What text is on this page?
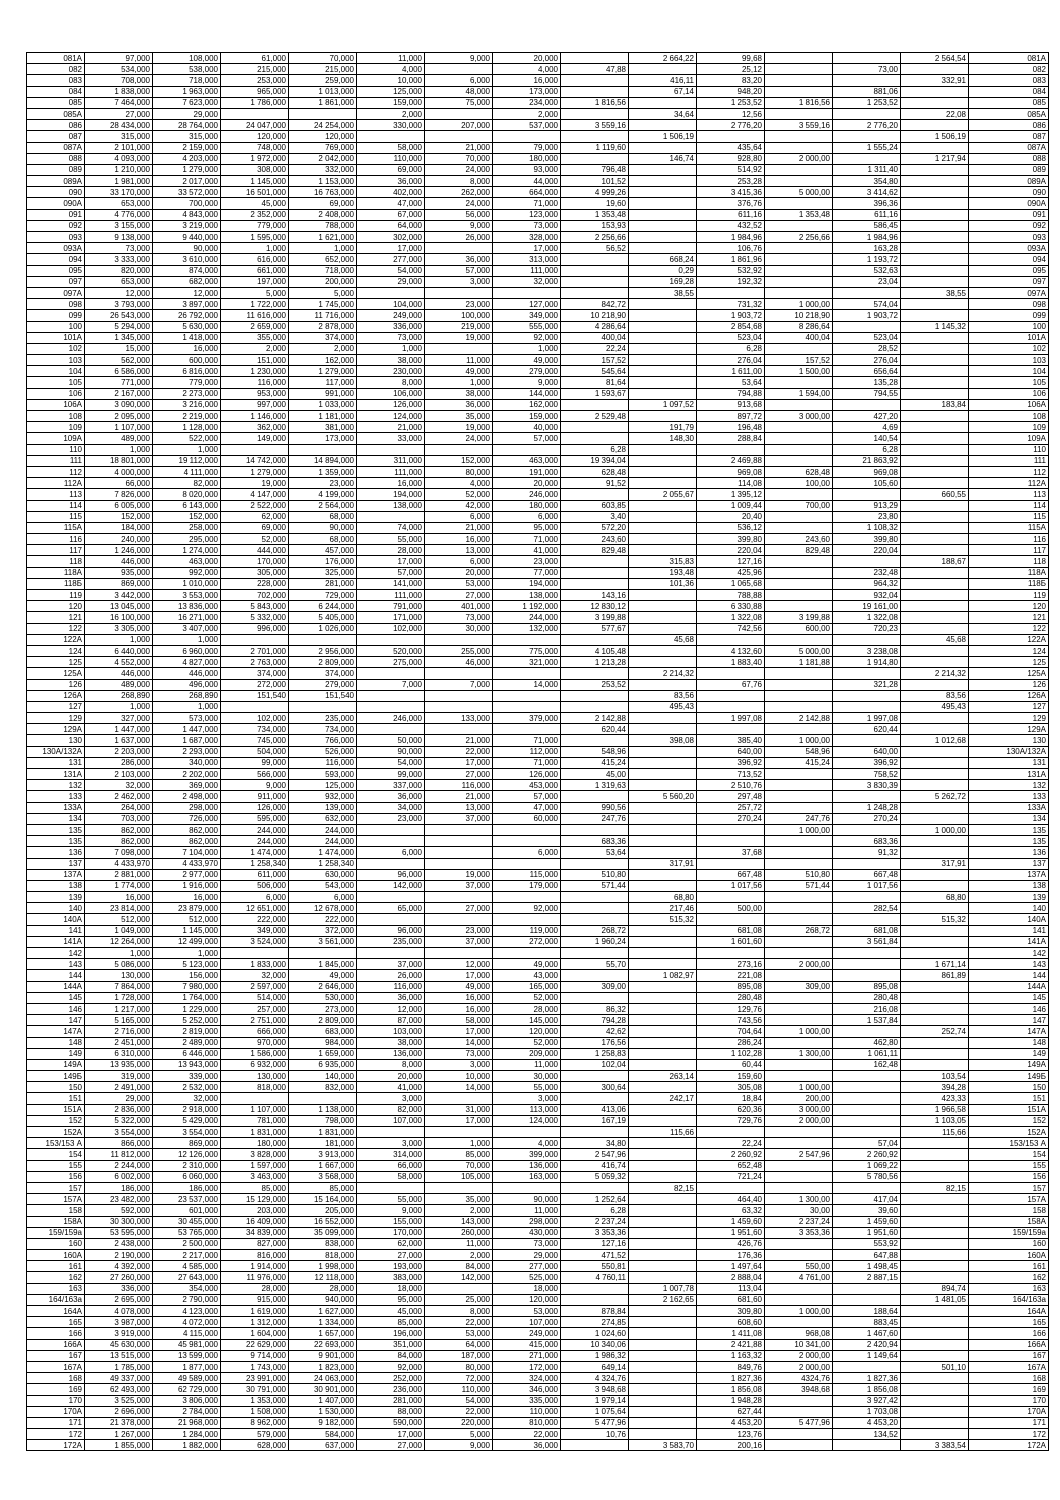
081А	97,000	108,000	61,000	70,000	11,000	9,000	20,000		2 664,22	99,68			2 564,54	081А
082	534,000	538,000	215,000	215,000	4,000		4,000	47,88		25,12		73,00		082
083	708,000	718,000	253,000	259,000	10,000	6,000	16,000		416,11	83,20			332,91	083
084	1 838,000	1 963,000	965,000	1 013,000	125,000	48,000	173,000		67,14	948,20		881,06		084
085	7 464,000	7 623,000	1 786,000	1 861,000	159,000	75,000	234,000	1 816,56		1 253,52	1 816,56	1 253,52		085
085А	27,000	29,000			2,000		2,000		34,64	12,56			22,08	085А
086	28 434,000	28 764,000	24 047,000	24 254,000	330,000	207,000	537,000	3 559,16		2 776,20	3 559,16	2 776,20		086
087	315,000	315,000	120,000	120,000					1 506,19				1 506,19	087
087А	2 101,000	2 159,000	748,000	769,000	58,000	21,000	79,000	1 119,60		435,64		1 555,24		087А
088	4 093,000	4 203,000	1 972,000	2 042,000	110,000	70,000	180,000		146,74	928,80	2 000,00		1 217,94	088
089	1 210,000	1 279,000	308,000	332,000	69,000	24,000	93,000	796,48		514,92		1 311,40		089
089А	1 981,000	2 017,000	1 145,000	1 153,000	36,000	8,000	44,000	101,52		253,28		354,80		089А
090	33 170,000	33 572,000	16 501,000	16 763,000	402,000	262,000	664,000	4 999,26		3 415,36	5 000,00	3 414,62		090
090А	653,000	700,000	45,000	69,000	47,000	24,000	71,000	19,60		376,76		396,36		090А
091	4 776,000	4 843,000	2 352,000	2 408,000	67,000	56,000	123,000	1 353,48		611,16	1 353,48	611,16		091
092	3 155,000	3 219,000	779,000	788,000	64,000	9,000	73,000	153,93		432,52		586,45		092
093	9 138,000	9 440,000	1 595,000	1 621,000	302,000	26,000	328,000	2 256,66		1 984,96	2 256,66	1 984,96		093
093А	73,000	90,000	1,000	1,000	17,000		17,000	56,52		106,76		163,28		093А
094	3 333,000	3 610,000	616,000	652,000	277,000	36,000	313,000		668,24	1 861,96		1 193,72		094
095	820,000	874,000	661,000	718,000	54,000	57,000	111,000		0,29	532,92		532,63		095
097	653,000	682,000	197,000	200,000	29,000	3,000	32,000		169,28	192,32		23,04		097
097А	12,000	12,000	5,000	5,000					38,55				38,55	097А
098	3 793,000	3 897,000	1 722,000	1 745,000	104,000	23,000	127,000	842,72		731,32	1 000,00	574,04		098
099	26 543,000	26 792,000	11 616,000	11 716,000	249,000	100,000	349,000	10 218,90		1 903,72	10 218,90	1 903,72		099
100	5 294,000	5 630,000	2 659,000	2 878,000	336,000	219,000	555,000	4 286,64		2 854,68	8 286,64		1 145,32	100
101А	1 345,000	1 418,000	355,000	374,000	73,000	19,000	92,000	400,04		523,04	400,04	523,04		101А
102	15,000	16,000	2,000	2,000	1,000		1,000	22,24		6,28		28,52		102
103	562,000	600,000	151,000	162,000	38,000	11,000	49,000	157,52		276,04	157,52	276,04		103
104	6 586,000	6 816,000	1 230,000	1 279,000	230,000	49,000	279,000	545,64		1 611,00	1 500,00	656,64		104
105	771,000	779,000	116,000	117,000	8,000	1,000	9,000	81,64		53,64		135,28		105
106	2 167,000	2 273,000	953,000	991,000	106,000	38,000	144,000	1 593,67		794,88	1 594,00	794,55		106
106А	3 090,000	3 216,000	997,000	1 033,000	126,000	36,000	162,000		1 097,52	913,68			183,84	106А
108	2 095,000	2 219,000	1 146,000	1 181,000	124,000	35,000	159,000	2 529,48		897,72	3 000,00	427,20		108
109	1 107,000	1 128,000	362,000	381,000	21,000	19,000	40,000		191,79	196,48		4,69		109
109А	489,000	522,000	149,000	173,000	33,000	24,000	57,000		148,30	288,84		140,54		109А
110	1,000	1,000						6,28				6,28		110
111	18 801,000	19 112,000	14 742,000	14 894,000	311,000	152,000	463,000	19 394,04		2 469,88		21 863,92		111
112	4 000,000	4 111,000	1 279,000	1 359,000	111,000	80,000	191,000	628,48		969,08	628,48	969,08		112
112А	66,000	82,000	19,000	23,000	16,000	4,000	20,000	91,52		114,08	100,00	105,60		112А
113	7 826,000	8 020,000	4 147,000	4 199,000	194,000	52,000	246,000		2 055,67	1 395,12			660,55	113
114	6 005,000	6 143,000	2 522,000	2 564,000	138,000	42,000	180,000	603,85		1 009,44	700,00	913,29		114
115	152,000	152,000	62,000	68,000		6,000	6,000	3,40		20,40		23,80		115
115А	184,000	258,000	69,000	90,000	74,000	21,000	95,000	572,20		536,12		1 108,32		115А
116	240,000	295,000	52,000	68,000	55,000	16,000	71,000	243,60		399,80	243,60	399,80		116
117	1 246,000	1 274,000	444,000	457,000	28,000	13,000	41,000	829,48		220,04	829,48	220,04		117
118	446,000	463,000	170,000	176,000	17,000	6,000	23,000		315,83	127,16			188,67	118
118А	935,000	992,000	305,000	325,000	57,000	20,000	77,000		193,48	425,96		232,48		118А
118Б	869,000	1 010,000	228,000	281,000	141,000	53,000	194,000		101,36	1 065,68		964,32		118Б
119	3 442,000	3 553,000	702,000	729,000	111,000	27,000	138,000	143,16		788,88		932,04		119
120	13 045,000	13 836,000	5 843,000	6 244,000	791,000	401,000	1 192,000	12 830,12		6 330,88		19 161,00		120
121	16 100,000	16 271,000	5 332,000	5 405,000	171,000	73,000	244,000	3 199,88		1 322,08	3 199,88	1 322,08		121
122	3 305,000	3 407,000	996,000	1 026,000	102,000	30,000	132,000	577,67		742,56	600,00	720,23		122
122А	1,000	1,000							45,68				45,68	122А
124	6 440,000	6 960,000	2 701,000	2 956,000	520,000	255,000	775,000	4 105,48		4 132,60	5 000,00	3 238,08		124
125	4 552,000	4 827,000	2 763,000	2 809,000	275,000	46,000	321,000	1 213,28		1 883,40	1 181,88	1 914,80		125
125А	446,000	446,000	374,000	374,000					2 214,32				2 214,32	125А
126	489,000	496,000	272,000	279,000	7,000	7,000	14,000	253,52		67,76		321,28		126
126А	268,890	268,890	151,540	151,540					83,56				83,56	126А
127	1,000	1,000							495,43				495,43	127
129	327,000	573,000	102,000	235,000	246,000	133,000	379,000	2 142,88		1 997,08	2 142,88	1 997,08		129
129А	1 447,000	1 447,000	734,000	734,000				620,44				620,44		129А
130	1 637,000	1 687,000	745,000	766,000	50,000	21,000	71,000		398,08	385,40	1 000,00		1 012,68	130
130А/132А	2 203,000	2 293,000	504,000	526,000	90,000	22,000	112,000	548,96		640,00	548,96	640,00		130А/132А
131	286,000	340,000	99,000	116,000	54,000	17,000	71,000	415,24		396,92	415,24	396,92		131
131А	2 103,000	2 202,000	566,000	593,000	99,000	27,000	126,000	45,00		713,52		758,52		131А
132	32,000	369,000	9,000	125,000	337,000	116,000	453,000	1 319,63		2 510,76		3 830,39		132
133	2 462,000	2 498,000	911,000	932,000	36,000	21,000	57,000		5 560,20	297,48			5 262,72	133
133А	264,000	298,000	126,000	139,000	34,000	13,000	47,000	990,56		257,72		1 248,28		133А
134	703,000	726,000	595,000	632,000	23,000	37,000	60,000	247,76		270,24	247,76	270,24		134
135	862,000	862,000	244,000	244,000							1 000,00		1 000,00	135
135	862,000	862,000	244,000	244,000				683,36				683,36		135
136	7 098,000	7 104,000	1 474,000	1 474,000	6,000		6,000	53,64		37,68		91,32		136
137	4 433,970	4 433,970	1 258,340	1 258,340					317,91				317,91	137
137А	2 881,000	2 977,000	611,000	630,000	96,000	19,000	115,000	510,80		667,48	510,80	667,48		137А
138	1 774,000	1 916,000	506,000	543,000	142,000	37,000	179,000	571,44		1 017,56	571,44	1 017,56		138
139	16,000	16,000	6,000	6,000					68,80				68,80	139
140	23 814,000	23 879,000	12 651,000	12 678,000	65,000	27,000	92,000		217,46	500,00		282,54		140
140А	512,000	512,000	222,000	222,000					515,32				515,32	140А
141	1 049,000	1 145,000	349,000	372,000	96,000	23,000	119,000	268,72		681,08	268,72	681,08		141
141А	12 264,000	12 499,000	3 524,000	3 561,000	235,000	37,000	272,000	1 960,24		1 601,60		3 561,84		141А
142	1,000	1,000												142
143	5 086,000	5 123,000	1 833,000	1 845,000	37,000	12,000	49,000	55,70		273,16	2 000,00		1 671,14	143
144	130,000	156,000	32,000	49,000	26,000	17,000	43,000		1 082,97	221,08			861,89	144
144А	7 864,000	7 980,000	2 597,000	2 646,000	116,000	49,000	165,000	309,00		895,08	309,00	895,08		144А
145	1 728,000	1 764,000	514,000	530,000	36,000	16,000	52,000			280,48		280,48		145
146	1 217,000	1 229,000	257,000	273,000	12,000	16,000	28,000	86,32		129,76		216,08		146
147	5 165,000	5 252,000	2 751,000	2 809,000	87,000	58,000	145,000	794,28		743,56		1 537,84		147
147А	2 716,000	2 819,000	666,000	683,000	103,000	17,000	120,000	42,62		704,64	1 000,00		252,74	147А
148	2 451,000	2 489,000	970,000	984,000	38,000	14,000	52,000	176,56		286,24		462,80		148
149	6 310,000	6 446,000	1 586,000	1 659,000	136,000	73,000	209,000	1 258,83		1 102,28	1 300,00	1 061,11		149
149А	13 935,000	13 943,000	6 932,000	6 935,000	8,000	3,000	11,000	102,04		60,44		162,48		149А
149Б	319,000	339,000	130,000	140,000	20,000	10,000	30,000		263,14	159,60			103,54	149Б
150	2 491,000	2 532,000	818,000	832,000	41,000	14,000	55,000	300,64		305,08	1 000,00		394,28	150
151	29,000	32,000			3,000		3,000		242,17	18,84	200,00		423,33	151
151А	2 836,000	2 918,000	1 107,000	1 138,000	82,000	31,000	113,000	413,06		620,36	3 000,00		1 966,58	151А
152	5 322,000	5 429,000	781,000	798,000	107,000	17,000	124,000	167,19		729,76	2 000,00		1 103,05	152
152А	3 554,000	3 554,000	1 831,000	1 831,000					115,66				115,66	152А
153/153 А	866,000	869,000	180,000	181,000	3,000	1,000	4,000	34,80		22,24		57,04		153/153 А
154	11 812,000	12 126,000	3 828,000	3 913,000	314,000	85,000	399,000	2 547,96		2 260,92	2 547,96	2 260,92		154
155	2 244,000	2 310,000	1 597,000	1 667,000	66,000	70,000	136,000	416,74		652,48		1 069,22		155
156	6 002,000	6 060,000	3 463,000	3 568,000	58,000	105,000	163,000	5 059,32		721,24		5 780,56		156
157	186,000	186,000	85,000	85,000					82,15				82,15	157
157А	23 482,000	23 537,000	15 129,000	15 164,000	55,000	35,000	90,000	1 252,64		464,40	1 300,00	417,04		157А
158	592,000	601,000	203,000	205,000	9,000	2,000	11,000	6,28		63,32	30,00	39,60		158
158А	30 300,000	30 455,000	16 409,000	16 552,000	155,000	143,000	298,000	2 237,24		1 459,60	2 237,24	1 459,60		158А
159/159а	53 595,000	53 765,000	34 839,000	35 099,000	170,000	260,000	430,000	3 353,36		1 951,60	3 353,36	1 951,60		159/159а
160	2 438,000	2 500,000	827,000	838,000	62,000	11,000	73,000	127,16		426,76		553,92		160
160А	2 190,000	2 217,000	816,000	818,000	27,000	2,000	29,000	471,52		176,36		647,88		160А
161	4 392,000	4 585,000	1 914,000	1 998,000	193,000	84,000	277,000	550,81		1 497,64	550,00	1 498,45		161
162	27 260,000	27 643,000	11 976,000	12 118,000	383,000	142,000	525,000	4 760,11		2 888,04	4 761,00	2 887,15		162
163	336,000	354,000	28,000	28,000	18,000		18,000		1 007,78	113,04			894,74	163
164/163а	2 695,000	2 790,000	915,000	940,000	95,000	25,000	120,000		2 162,65	681,60			1 481,05	164/163а
164А	4 078,000	4 123,000	1 619,000	1 627,000	45,000	8,000	53,000	878,84		309,80	1 000,00	188,64		164А
165	3 987,000	4 072,000	1 312,000	1 334,000	85,000	22,000	107,000	274,85		608,60		883,45		165
166	3 919,000	4 115,000	1 604,000	1 657,000	196,000	53,000	249,000	1 024,60		1 411,08	968,08	1 467,60		166
166А	45 630,000	45 981,000	22 629,000	22 693,000	351,000	64,000	415,000	10 340,06		2 421,88	10 341,00	2 420,94		166А
167	13 515,000	13 599,000	9 714,000	9 901,000	84,000	187,000	271,000	1 986,32		1 163,32	2 000,00	1 149,64		167
167А	1 785,000	1 877,000	1 743,000	1 823,000	92,000	80,000	172,000	649,14		849,76	2 000,00		501,10	167А
168	49 337,000	49 589,000	23 991,000	24 063,000	252,000	72,000	324,000	4 324,76		1 827,36	4324,76	1 827,36		168
169	62 493,000	62 729,000	30 791,000	30 901,000	236,000	110,000	346,000	3 948,68		1 856,08	3948,68	1 856,08		169
170	3 525,000	3 806,000	1 353,000	1 407,000	281,000	54,000	335,000	1 979,14		1 948,28		3 927,42		170
170А	2 696,000	2 784,000	1 508,000	1 530,000	88,000	22,000	110,000	1 075,64		627,44		1 703,08		170А
171	21 378,000	21 968,000	8 962,000	9 182,000	590,000	220,000	810,000	5 477,96		4 453,20	5 477,96	4 453,20		171
172	1 267,000	1 284,000	579,000	584,000	17,000	5,000	22,000	10,76		123,76		134,52		172
172А	1 855,000	1 882,000	628,000	637,000	27,000	9,000	36,000		3 583,70	200,16			3 383,54	172А
